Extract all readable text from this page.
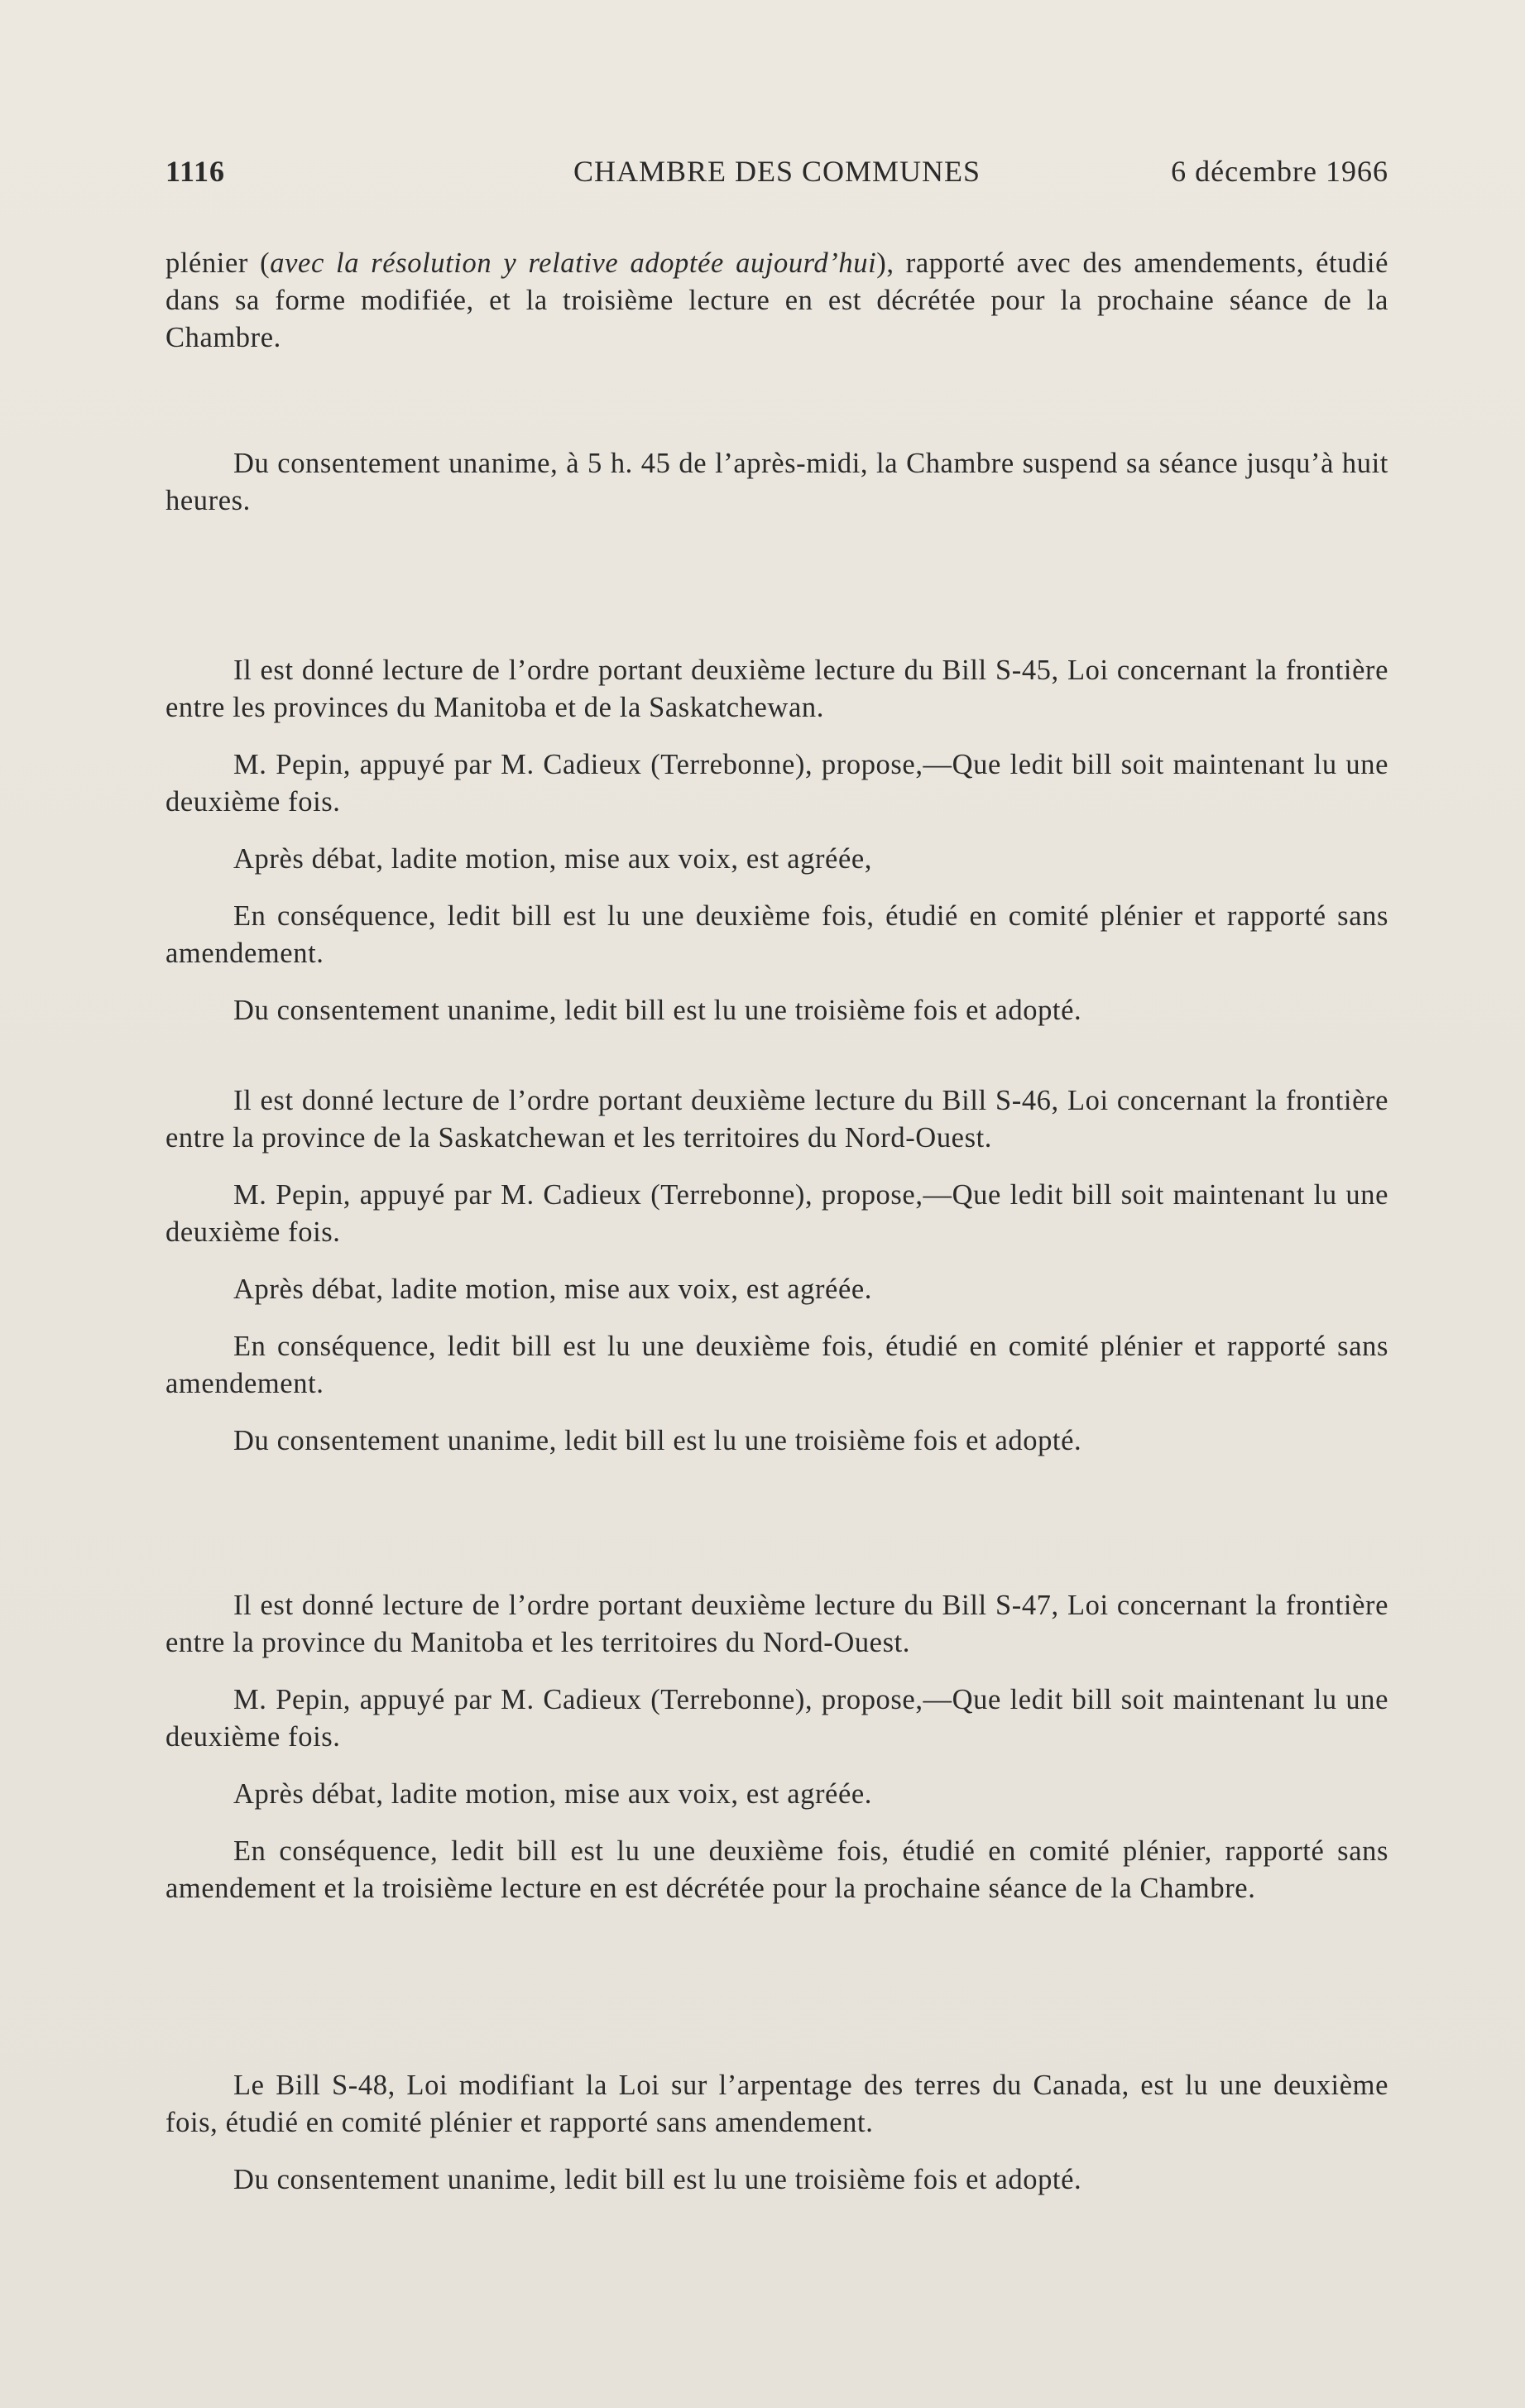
1116	CHAMBRE DES COMMUNES	6 décembre 1966

plénier (avec la résolution y relative adoptée aujourd’hui), rapporté avec des amendements, étudié dans sa forme modifiée, et la troisième lecture en est décrétée pour la prochaine séance de la Chambre.

Du consentement unanime, à 5 h. 45 de l’après-midi, la Chambre suspend sa séance jusqu’à huit heures.

Il est donné lecture de l’ordre portant deuxième lecture du Bill S-45, Loi concernant la frontière entre les provinces du Manitoba et de la Saskatchewan.

M. Pepin, appuyé par M. Cadieux (Terrebonne), propose,—Que ledit bill soit maintenant lu une deuxième fois.

Après débat, ladite motion, mise aux voix, est agréée,

En conséquence, ledit bill est lu une deuxième fois, étudié en comité plénier et rapporté sans amendement.

Du consentement unanime, ledit bill est lu une troisième fois et adopté.

Il est donné lecture de l’ordre portant deuxième lecture du Bill S-46, Loi concernant la frontière entre la province de la Saskatchewan et les territoires du Nord-Ouest.

M. Pepin, appuyé par M. Cadieux (Terrebonne), propose,—Que ledit bill soit maintenant lu une deuxième fois.

Après débat, ladite motion, mise aux voix, est agréée.

En conséquence, ledit bill est lu une deuxième fois, étudié en comité plénier et rapporté sans amendement.

Du consentement unanime, ledit bill est lu une troisième fois et adopté.

Il est donné lecture de l’ordre portant deuxième lecture du Bill S-47, Loi concernant la frontière entre la province du Manitoba et les territoires du Nord-Ouest.

M. Pepin, appuyé par M. Cadieux (Terrebonne), propose,—Que ledit bill soit maintenant lu une deuxième fois.

Après débat, ladite motion, mise aux voix, est agréée.

En conséquence, ledit bill est lu une deuxième fois, étudié en comité plénier, rapporté sans amendement et la troisième lecture en est décrétée pour la prochaine séance de la Chambre.

Le Bill S-48, Loi modifiant la Loi sur l’arpentage des terres du Canada, est lu une deuxième fois, étudié en comité plénier et rapporté sans amendement.

Du consentement unanime, ledit bill est lu une troisième fois et adopté.
